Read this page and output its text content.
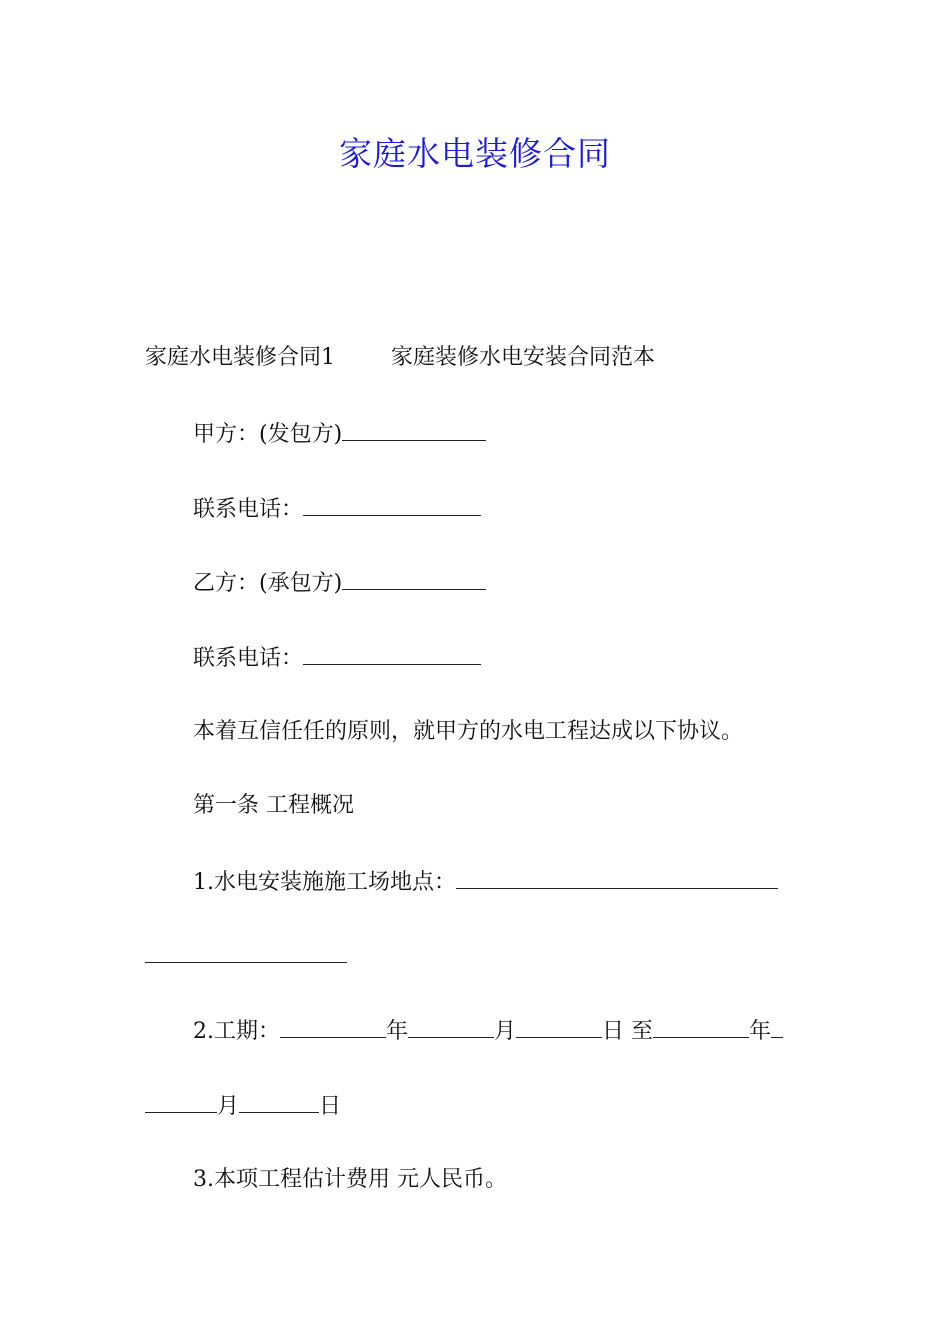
家庭水电装修合同
家庭水电装修合同1	家庭装修水电安装合同范本
甲方：(发包方)
联系电话：
乙方：(承包方)
联系电话：
本着互信任任的原则，就甲方的水电工程达成以下协议。
第一条 工程概况
1.水电安装施施工场地点：
2.工期：	年	月	日 至	年
月	日
3.本项工程估计费用 元人民币。
